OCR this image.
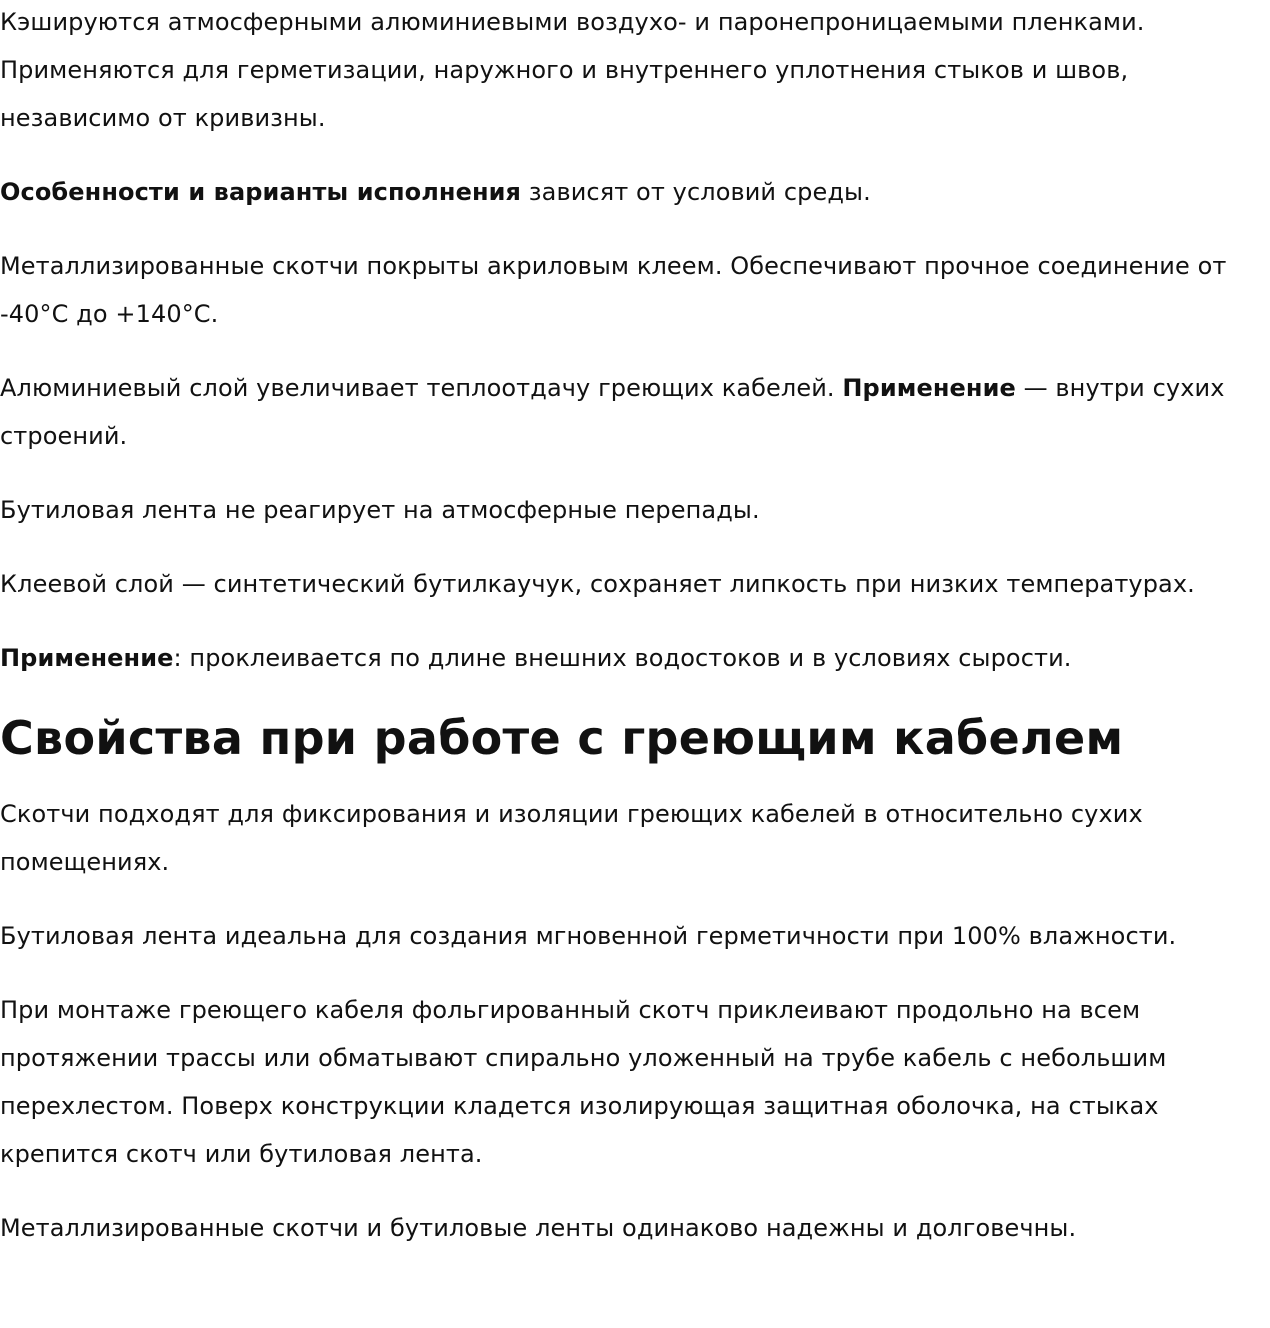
Кэшируются атмосферными алюминиевыми воздухо- и паронепроницаемыми пленками. Применяются для герметизации, наружного и внутреннего уплотнения стыков и швов, независимо от кривизны.

Особенности и варианты исполнения зависят от условий среды.

Металлизированные скотчи покрыты акриловым клеем. Обеспечивают прочное соединение от -40°C до +140°C.

Алюминиевый слой увеличивает теплоотдачу греющих кабелей. Применение — внутри сухих строений.

Бутиловая лента не реагирует на атмосферные перепады.

Клеевой слой — синтетический бутилкаучук, сохраняет липкость при низких температурах.

Применение: проклеивается по длине внешних водостоков и в условиях сырости.

Свойства при работе с греющим кабелем

Скотчи подходят для фиксирования и изоляции греющих кабелей в относительно сухих помещениях.

Бутиловая лента идеальна для создания мгновенной герметичности при 100% влажности.

При монтаже греющего кабеля фольгированный скотч приклеивают продольно на всем протяжении трассы или обматывают спирально уложенный на трубе кабель с небольшим перехлестом. Поверх конструкции кладется изолирующая защитная оболочка, на стыках крепится скотч или бутиловая лента.

Металлизированные скотчи и бутиловые ленты одинаково надежны и долговечны.
